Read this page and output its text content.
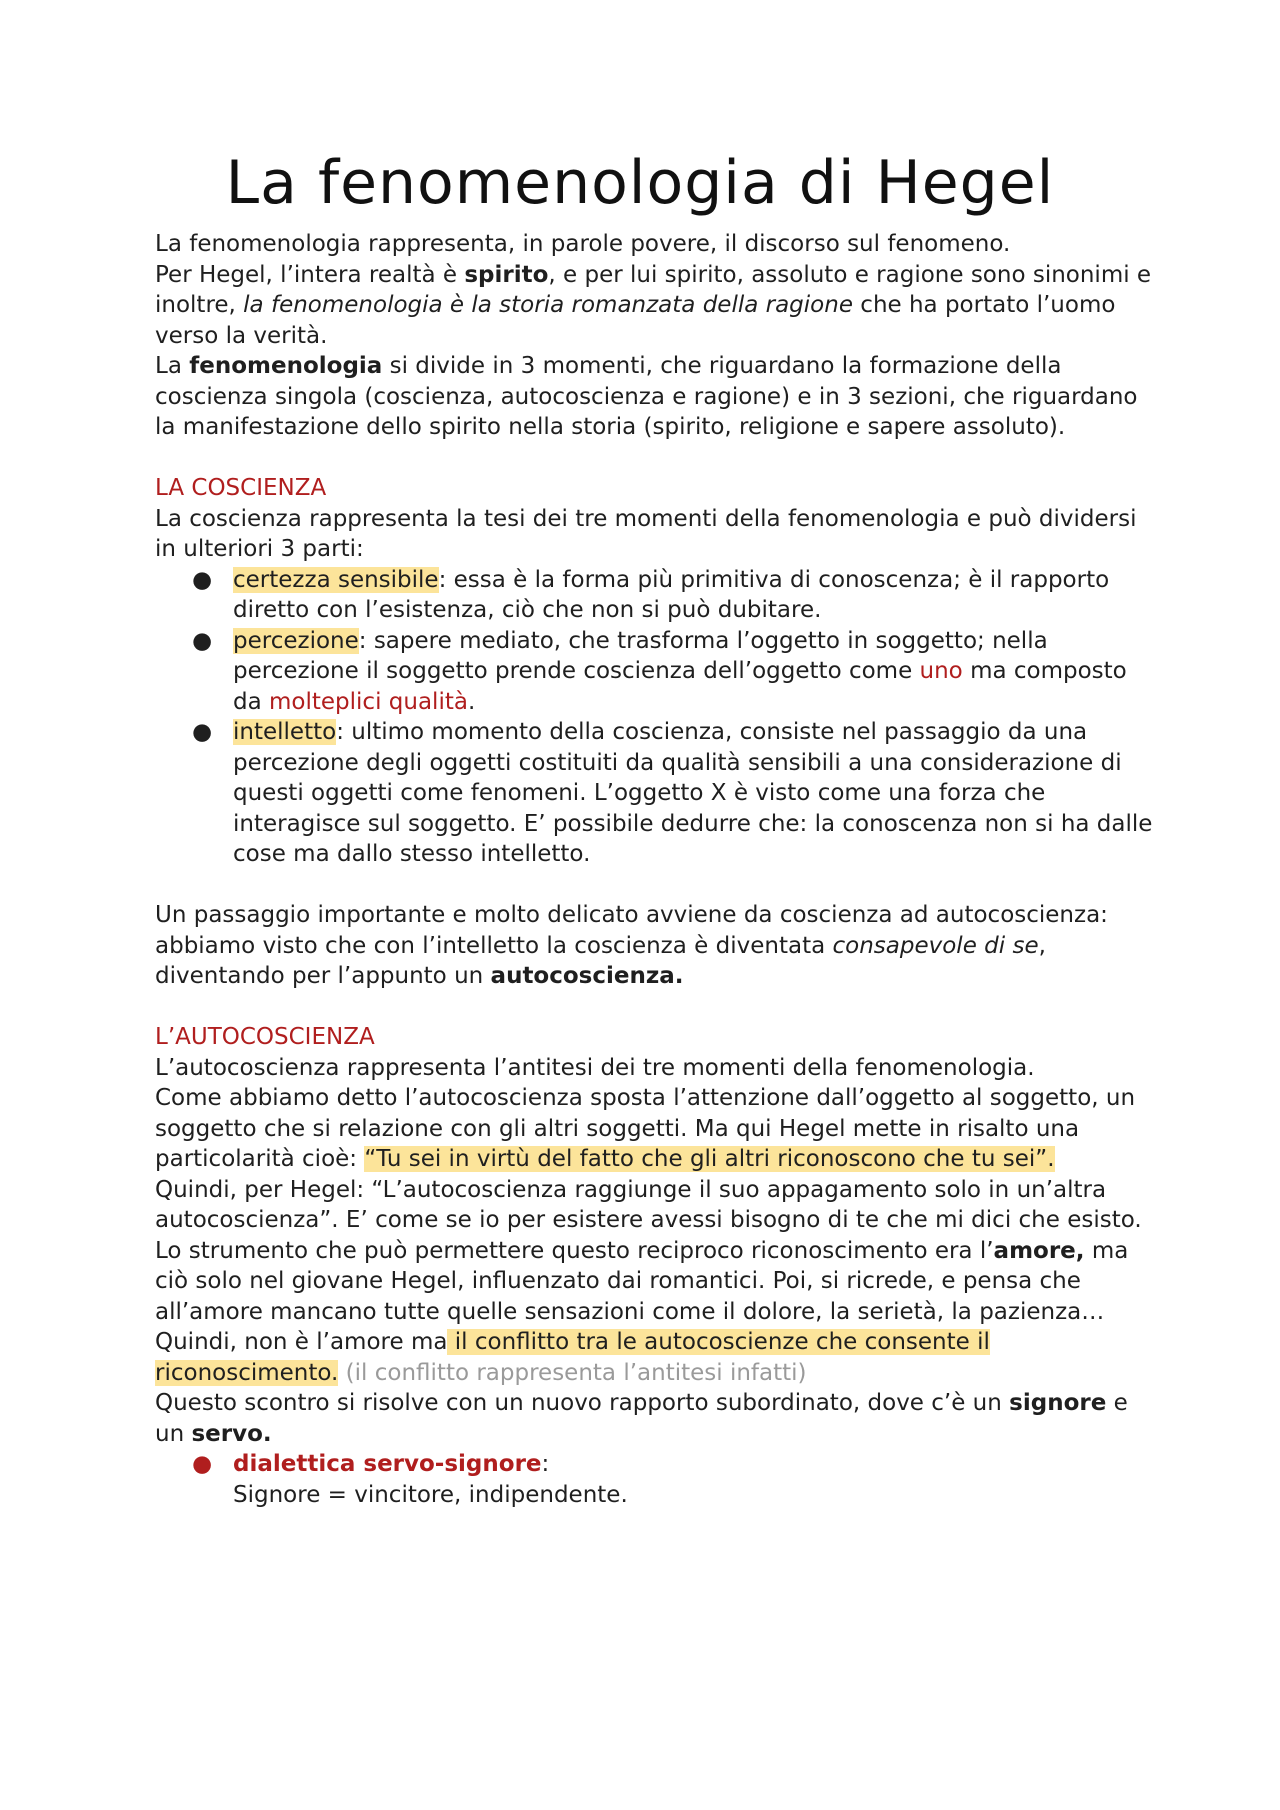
La fenomenologia di Hegel

La fenomenologia rappresenta, in parole povere, il discorso sul fenomeno.

Per Hegel, l’intera realtà è spirito, e per lui spirito, assoluto e ragione sono sinonimi e inoltre, la fenomenologia è la storia romanzata della ragione che ha portato l’uomo verso la verità.

La fenomenologia si divide in 3 momenti, che riguardano la formazione della coscienza singola (coscienza, autocoscienza e ragione) e in 3 sezioni, che riguardano la manifestazione dello spirito nella storia (spirito, religione e sapere assoluto).

LA COSCIENZA

La coscienza rappresenta la tesi dei tre momenti della fenomenologia e può dividersi in ulteriori 3 parti:

● certezza sensibile: essa è la forma più primitiva di conoscenza; è il rapporto diretto con l’esistenza, ciò che non si può dubitare.
● percezione: sapere mediato, che trasforma l’oggetto in soggetto; nella percezione il soggetto prende coscienza dell’oggetto come uno ma composto da molteplici qualità.
● intelletto: ultimo momento della coscienza, consiste nel passaggio da una percezione degli oggetti costituiti da qualità sensibili a una considerazione di questi oggetti come fenomeni. L’oggetto X è visto come una forza che interagisce sul soggetto. E’ possibile dedurre che: la conoscenza non si ha dalle cose ma dallo stesso intelletto.

Un passaggio importante e molto delicato avviene da coscienza ad autocoscienza: abbiamo visto che con l’intelletto la coscienza è diventata consapevole di se, diventando per l’appunto un autocoscienza.

L’AUTOCOSCIENZA

L’autocoscienza rappresenta l’antitesi dei tre momenti della fenomenologia.

Come abbiamo detto l’autocoscienza sposta l’attenzione dall’oggetto al soggetto, un soggetto che si relazione con gli altri soggetti. Ma qui Hegel mette in risalto una particolarità cioè: “Tu sei in virtù del fatto che gli altri riconoscono che tu sei”.

Quindi, per Hegel: “L’autocoscienza raggiunge il suo appagamento solo in un’altra autocoscienza”. E’ come se io per esistere avessi bisogno di te che mi dici che esisto.

Lo strumento che può permettere questo reciproco riconoscimento era l’amore, ma ciò solo nel giovane Hegel, influenzato dai romantici. Poi, si ricrede, e pensa che all’amore mancano tutte quelle sensazioni come il dolore, la serietà, la pazienza…

Quindi, non è l’amore ma il conflitto tra le autocoscienze che consente il riconoscimento. (il conflitto rappresenta l’antitesi infatti)

Questo scontro si risolve con un nuovo rapporto subordinato, dove c’è un signore e un servo.

● dialettica servo-signore:
Signore = vincitore, indipendente.
